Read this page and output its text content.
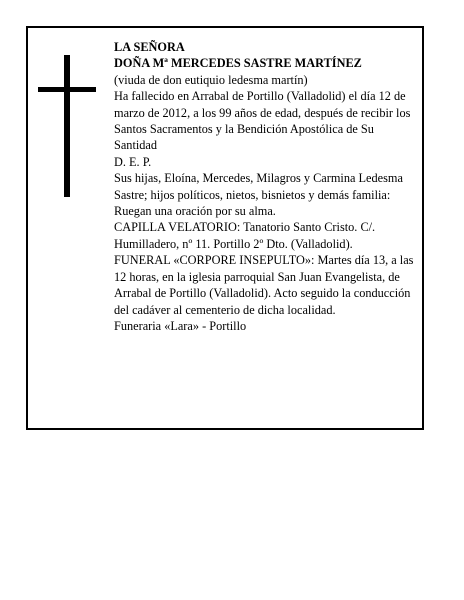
LA SEÑORA
DOÑA Mª MERCEDES SASTRE MARTÍNEZ
(viuda de don eutiquio ledesma martín)
Ha fallecido en Arrabal de Portillo (Valladolid) el día 12 de marzo de 2012, a los 99 años de edad, después de recibir los Santos Sacramentos y la Bendición Apostólica de Su Santidad
D. E. P.
Sus hijas, Eloína, Mercedes, Milagros y Carmina Ledesma Sastre; hijos políticos, nietos, bisnietos y demás familia:
Ruegan una oración por su alma.
CAPILLA VELATORIO: Tanatorio Santo Cristo. C/. Humilladero, nº 11. Portillo 2º Dto. (Valladolid).
FUNERAL «CORPORE INSEPULTO»: Martes día 13, a las 12 horas, en la iglesia parroquial San Juan Evangelista, de Arrabal de Portillo (Valladolid). Acto seguido la conducción del cadáver al cementerio de dicha localidad.
Funeraria «Lara» - Portillo
